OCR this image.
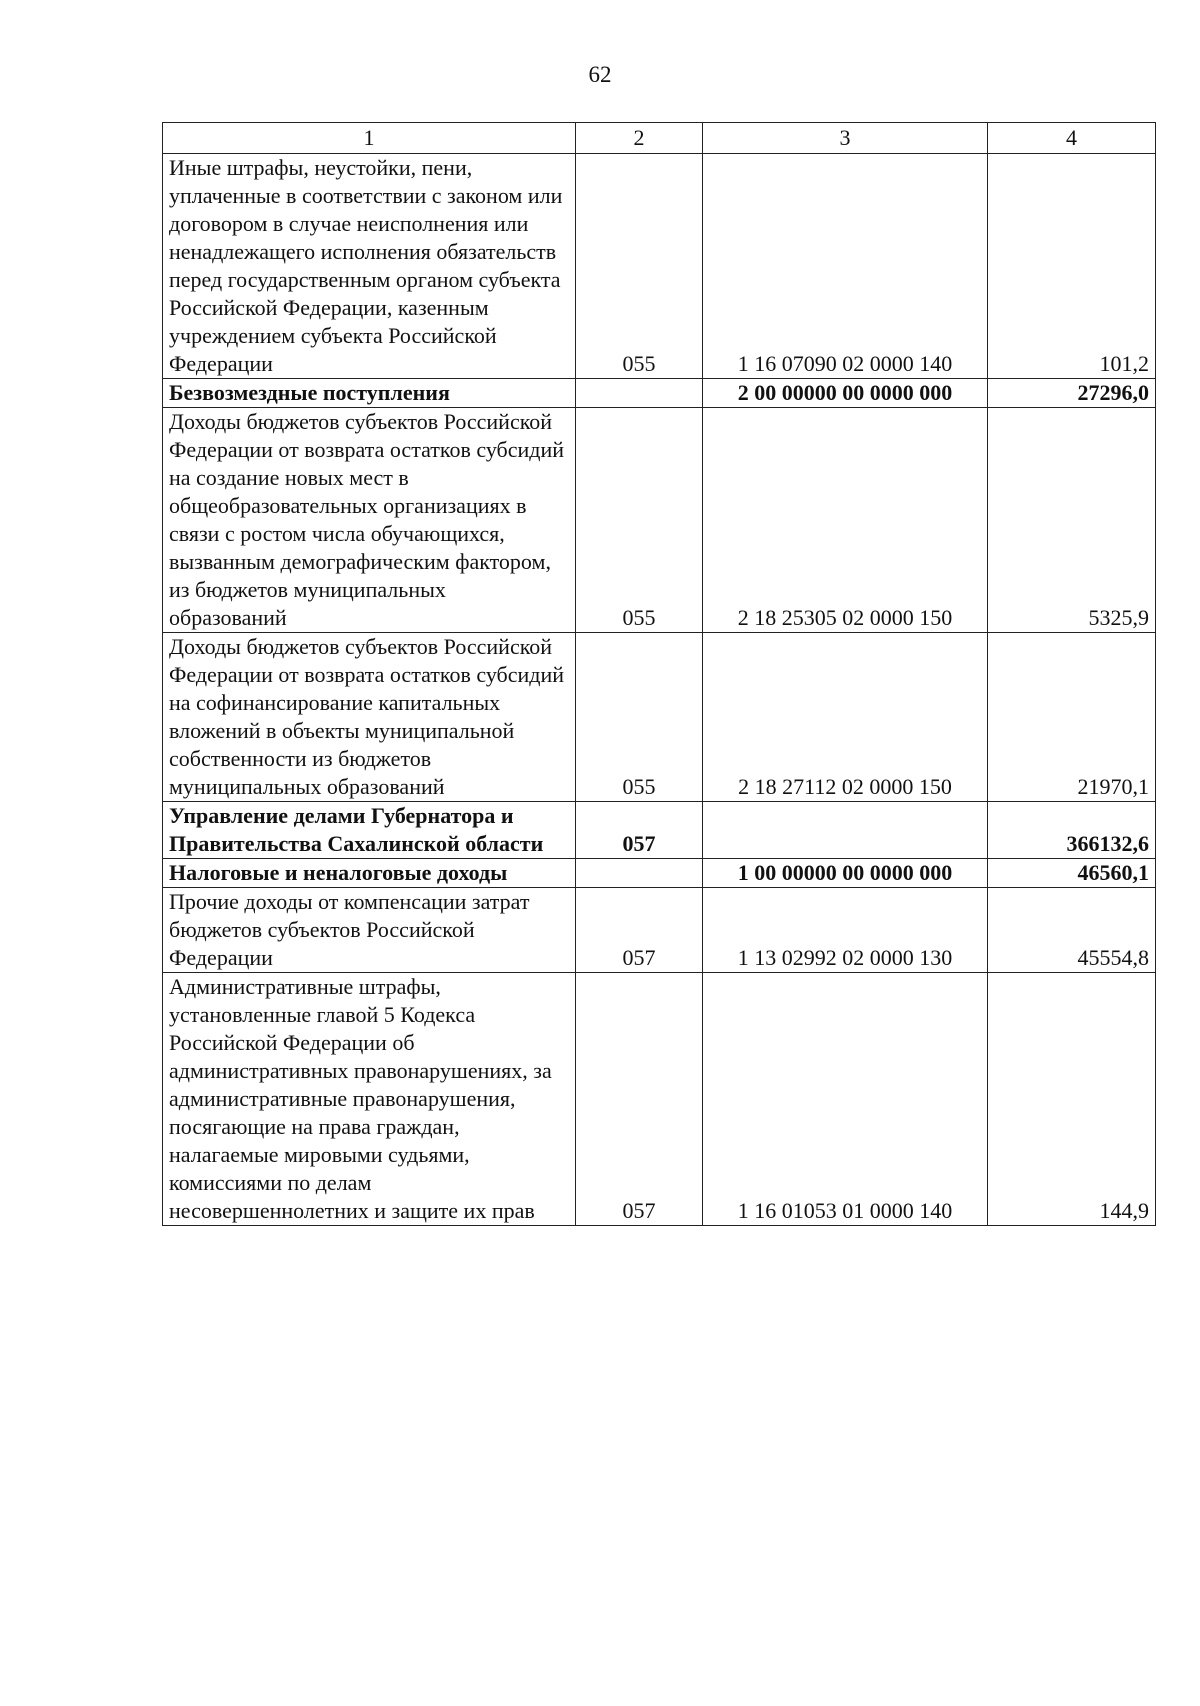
62
1	2	3	4
Иные штрафы, неустойки, пени, уплаченные в соответствии с законом или договором в случае неисполнения или ненадлежащего исполнения обязательств перед государственным органом субъекта Российской Федерации, казенным учреждением субъекта Российской Федерации	055	1 16 07090 02 0000 140	101,2
Безвозмездные поступления		2 00 00000 00 0000 000	27296,0
Доходы бюджетов субъектов Российской Федерации от возврата остатков субсидий на создание новых мест в общеобразовательных организациях в связи с ростом числа обучающихся, вызванным демографическим фактором, из бюджетов муниципальных образований	055	2 18 25305 02 0000 150	5325,9
Доходы бюджетов субъектов Российской Федерации от возврата остатков субсидий на софинансирование капитальных вложений в объекты муниципальной собственности из бюджетов муниципальных образований	055	2 18 27112 02 0000 150	21970,1
Управление делами Губернатора и Правительства Сахалинской области	057		366132,6
Налоговые и неналоговые доходы		1 00 00000 00 0000 000	46560,1
Прочие доходы от компенсации затрат бюджетов субъектов Российской Федерации	057	1 13 02992 02 0000 130	45554,8
Административные штрафы, установленные главой 5 Кодекса Российской Федерации об административных правонарушениях, за административные правонарушения, посягающие на права граждан, налагаемые мировыми судьями, комиссиями по делам несовершеннолетних и защите их прав	057	1 16 01053 01 0000 140	144,9
